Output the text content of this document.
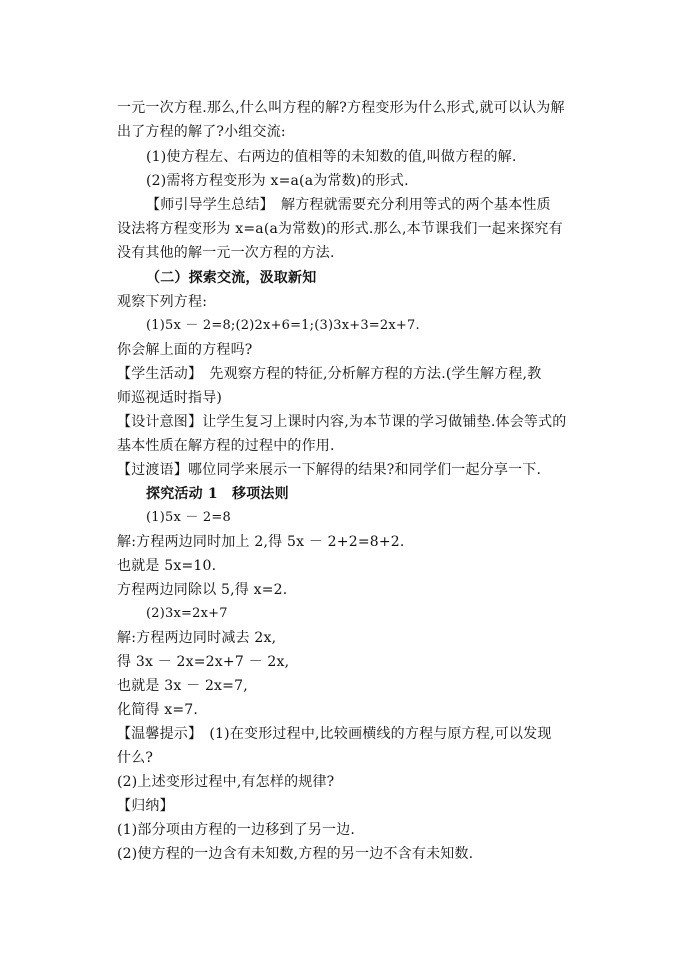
一元一次方程.那么,什么叫方程的解?方程变形为什么形式,就可以认为解
出了方程的解了?小组交流:
(1)使方程左、右两边的值相等的未知数的值,叫做方程的解.
(2)需将方程变形为 x=a(a为常数)的形式.
【师引导学生总结】　解方程就需要充分利用等式的两个基本性质
设法将方程变形为 x=a(a为常数)的形式.那么,本节课我们一起来探究有
没有其他的解一元一次方程的方法.
（二）探索交流，汲取新知
观察下列方程:
(1)5x － 2=8;(2)2x+6=1;(3)3x+3=2x+7.
你会解上面的方程吗?
【学生活动】　先观察方程的特征,分析解方程的方法.(学生解方程,教
师巡视适时指导)
【设计意图】让学生复习上课时内容,为本节课的学习做铺垫.体会等式的
基本性质在解方程的过程中的作用.
【过渡语】哪位同学来展示一下解得的结果?和同学们一起分享一下.
探究活动 1　移项法则
(1)5x － 2=8
解:方程两边同时加上 2,得 5x － 2+2=8+2.
也就是 5x=10.
方程两边同除以 5,得 x=2.
(2)3x=2x+7
解:方程两边同时减去 2x,
得 3x － 2x=2x+7 － 2x,
也就是 3x － 2x=7,
化简得 x=7.
【温馨提示】　(1)在变形过程中,比较画横线的方程与原方程,可以发现
什么?
(2)上述变形过程中,有怎样的规律?
【归纳】
(1)部分项由方程的一边移到了另一边.
(2)使方程的一边含有未知数,方程的另一边不含有未知数.
